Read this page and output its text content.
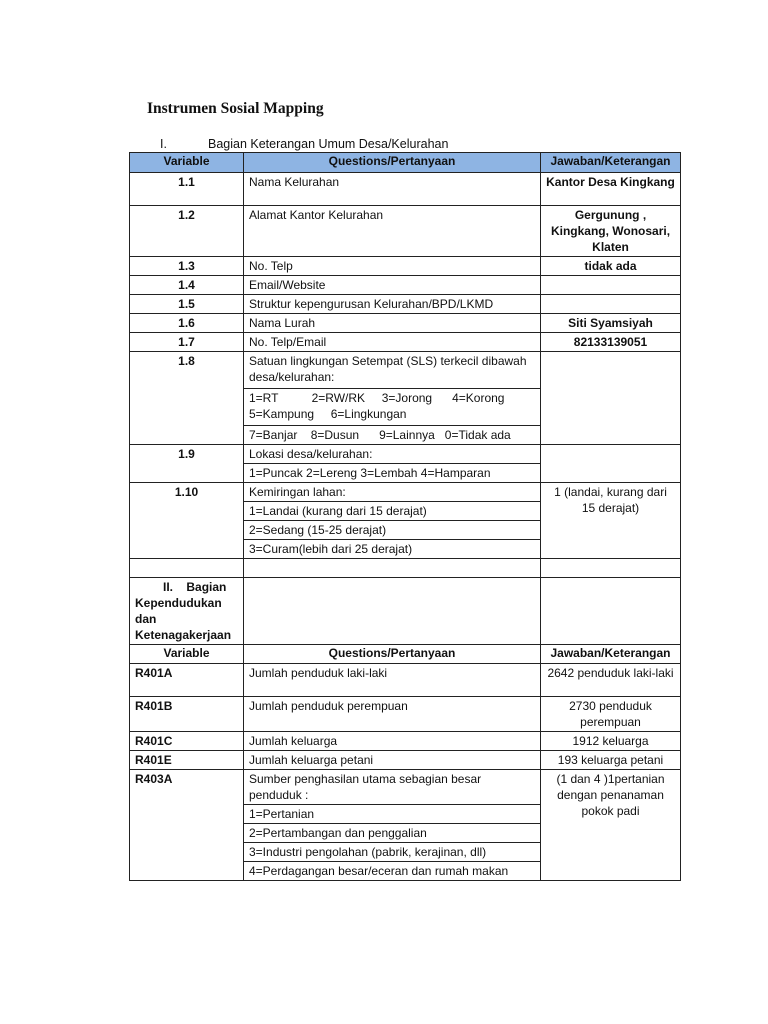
Instrumen Sosial Mapping
I.	Bagian Keterangan Umum Desa/Kelurahan
Variable	Questions/Pertanyaan	Jawaban/Keterangan
1.1	Nama Kelurahan	Kantor Desa Kingkang
1.2	Alamat Kantor Kelurahan	Gergunung , Kingkang, Wonosari, Klaten
1.3	No. Telp	tidak ada
1.4	Email/Website	
1.5	Struktur kepengurusan Kelurahan/BPD/LKMD	
1.6	Nama Lurah	Siti Syamsiyah
1.7	No. Telp/Email	82133139051
1.8	Satuan lingkungan Setempat (SLS) terkecil dibawah desa/kelurahan:	
	1=RT          2=RW/RK     3=Jorong      4=Korong  5=Kampung     6=Lingkungan	
	7=Banjar    8=Dusun      9=Lainnya   0=Tidak ada	
1.9	Lokasi desa/kelurahan:	
	1=Puncak 2=Lereng 3=Lembah 4=Hamparan	
1.10	Kemiringan lahan:	1 (landai, kurang dari 15 derajat)
	1=Landai (kurang dari 15 derajat)	
	2=Sedang (15-25 derajat)	
	3=Curam(lebih dari 25 derajat)	

II. Bagian
Kependudukan
dan
Ketenagakerjaan		

Variable	Questions/Pertanyaan	Jawaban/Keterangan
R401A	Jumlah penduduk laki-laki	2642 penduduk laki-laki
R401B	Jumlah penduduk perempuan	2730 penduduk perempuan
R401C	Jumlah keluarga	1912 keluarga
R401E	Jumlah keluarga petani	193 keluarga petani
R403A	Sumber penghasilan utama sebagian besar penduduk :	(1 dan 4 )1pertanian dengan penanaman pokok padi
	1=Pertanian	
	2=Pertambangan dan penggalian	
	3=Industri pengolahan (pabrik, kerajinan, dll)	
	4=Perdagangan besar/eceran dan rumah makan	
